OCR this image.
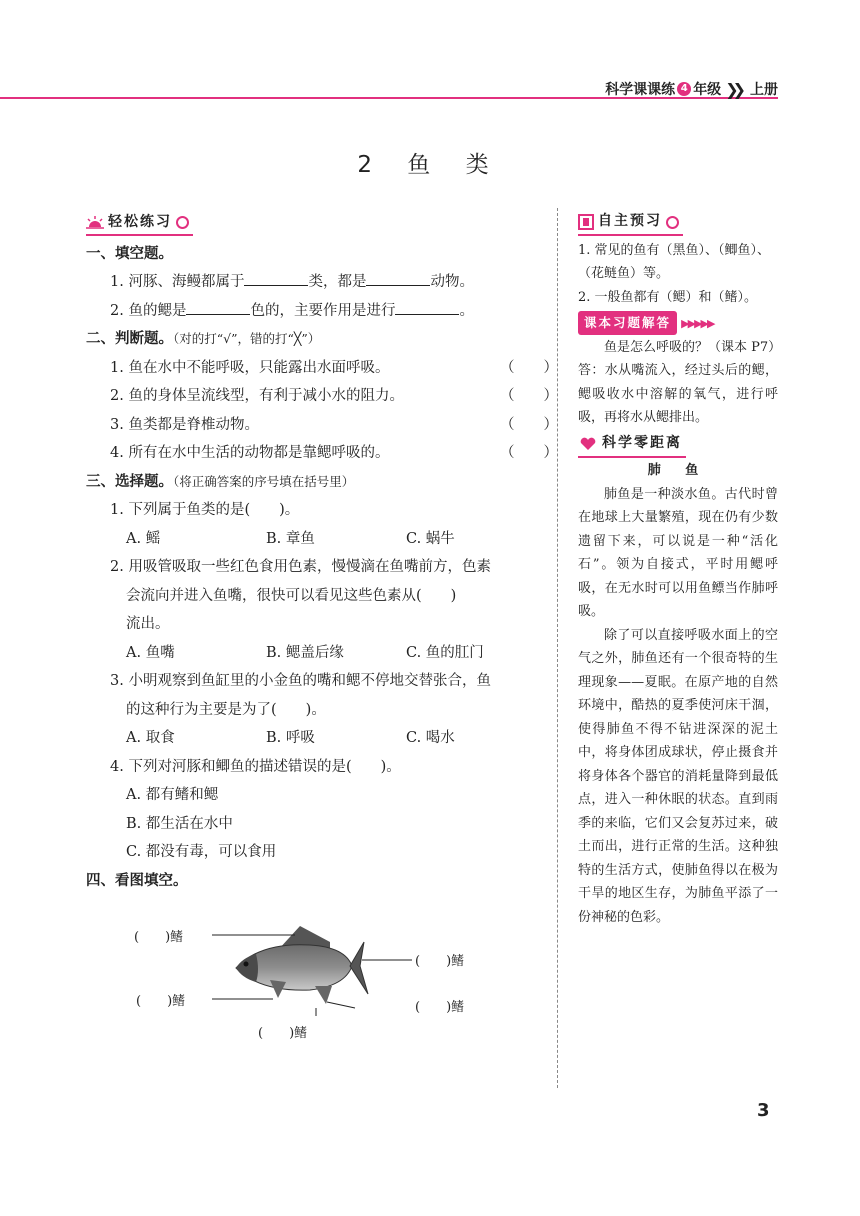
科学课课练 4 年级 ❯❯ 上册
2 鱼 类
轻松练习
一、填空题。
1. 河豚、海鳗都属于	类，都是	动物。
2. 鱼的鳃是	色的，主要作用是进行	。
二、判断题。（对的打“√”，错的打“╳”）
1. 鱼在水中不能呼吸，只能露出水面呼吸。	（　　）
2. 鱼的身体呈流线型，有利于减小水的阻力。	（　　）
3. 鱼类都是脊椎动物。	（　　）
4. 所有在水中生活的动物都是靠鳃呼吸的。	（　　）
三、选择题。（将正确答案的序号填在括号里）
1. 下列属于鱼类的是(　　)。
A. 鳐	B. 章鱼	C. 蜗牛
2. 用吸管吸取一些红色食用色素，慢慢滴在鱼嘴前方，色素
会流向并进入鱼嘴，很快可以看见这些色素从(　　)
流出。
A. 鱼嘴	B. 鳃盖后缘	C. 鱼的肛门
3. 小明观察到鱼缸里的小金鱼的嘴和鳃不停地交替张合，鱼
的这种行为主要是为了(　　)。
A. 取食	B. 呼吸	C. 喝水
4. 下列对河豚和鲫鱼的描述错误的是(　　)。
A. 都有鳍和鳃
B. 都生活在水中
C. 都没有毒，可以食用
四、看图填空。
(　　)鳍
(　　)鳍
(　　)鳍
(　　)鳍
(　　)鳍
自主预习
1. 常见的鱼有（黑鱼）、（鲫鱼）、（花鲢鱼）等。
2. 一般鱼都有（鳃）和（鳍）。
课本习题解答 ▶▶▶▶▶
鱼是怎么呼吸的？（课本 P7）
答：水从嘴流入，经过头后的鳃，鳃吸收水中溶解的氧气，进行呼吸，再将水从鳃排出。
科学零距离
肺 鱼
肺鱼是一种淡水鱼。古代时曾在地球上大量繁殖，现在仍有少数遗留下来，可以说是一种“活化石”。领为自接式，平时用鳃呼吸，在无水时可以用鱼鳔当作肺呼吸。
除了可以直接呼吸水面上的空气之外，肺鱼还有一个很奇特的生理现象——夏眠。在原产地的自然环境中，酷热的夏季使河床干涸，使得肺鱼不得不钻进深深的泥土中，将身体团成球状，停止摄食并将身体各个器官的消耗量降到最低点，进入一种休眠的状态。直到雨季的来临，它们又会复苏过来，破土而出，进行正常的生活。这种独特的生活方式，使肺鱼得以在极为干旱的地区生存，为肺鱼平添了一份神秘的色彩。
3
